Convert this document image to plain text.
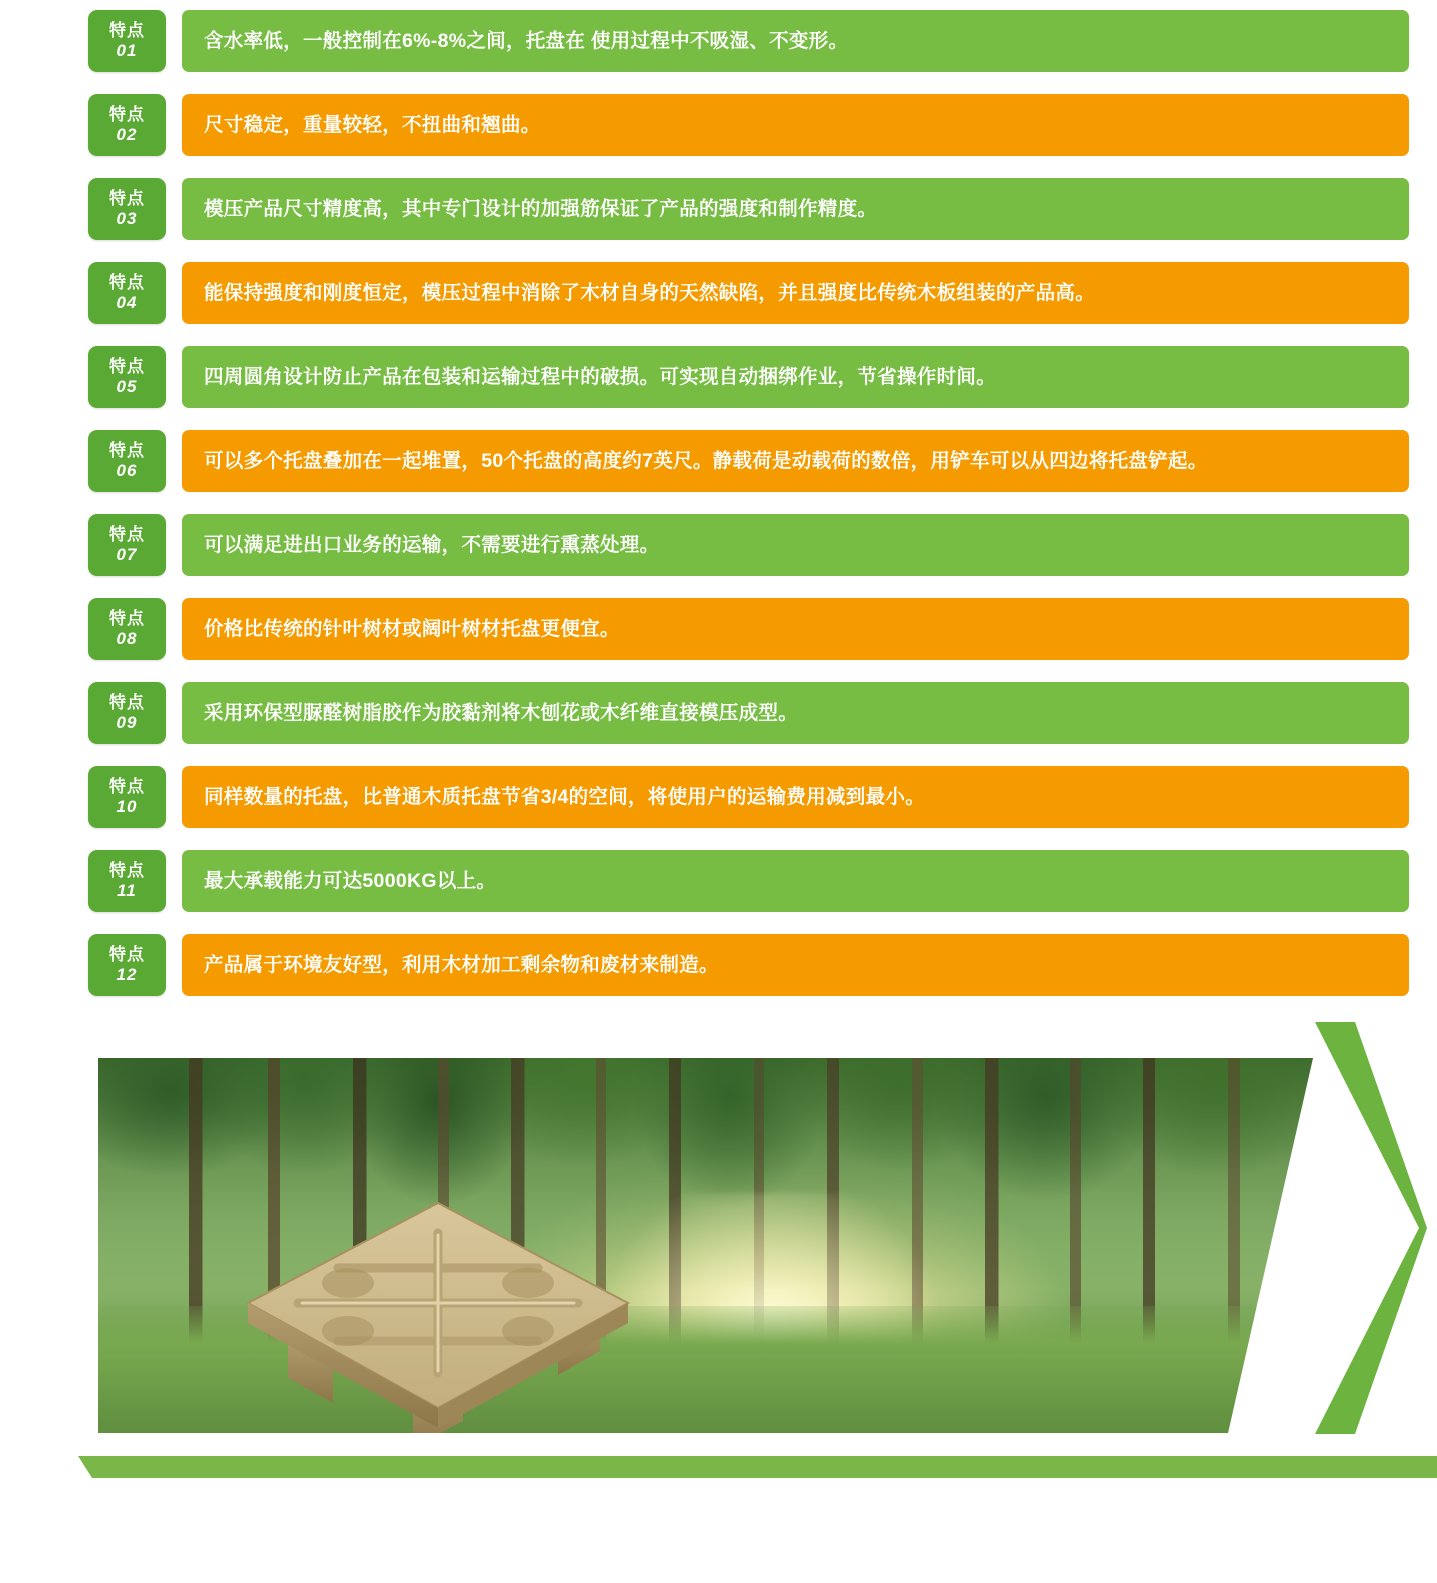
特点
01	含水率低，一般控制在6%-8%之间，托盘在 使用过程中不吸湿、不变形。
特点
02	尺寸稳定，重量较轻，不扭曲和翘曲。
特点
03	模压产品尺寸精度高，其中专门设计的加强筋保证了产品的强度和制作精度。
特点
04	能保持强度和刚度恒定，模压过程中消除了木材自身的天然缺陷，并且强度比传统木板组装的产品高。
特点
05	四周圆角设计防止产品在包装和运输过程中的破损。可实现自动捆绑作业，节省操作时间。
特点
06	可以多个托盘叠加在一起堆置，50个托盘的高度约7英尺。静载荷是动载荷的数倍，用铲车可以从四边将托盘铲起。
特点
07	可以满足进出口业务的运输，不需要进行熏蒸处理。
特点
08	价格比传统的针叶树材或阔叶树材托盘更便宜。
特点
09	采用环保型脲醛树脂胶作为胶黏剂将木刨花或木纤维直接模压成型。
特点
10	同样数量的托盘，比普通木质托盘节省3/4的空间，将使用户的运输费用减到最小。
特点
11	最大承载能力可达5000KG以上。
特点
12	产品属于环境友好型，利用木材加工剩余物和废材来制造。
